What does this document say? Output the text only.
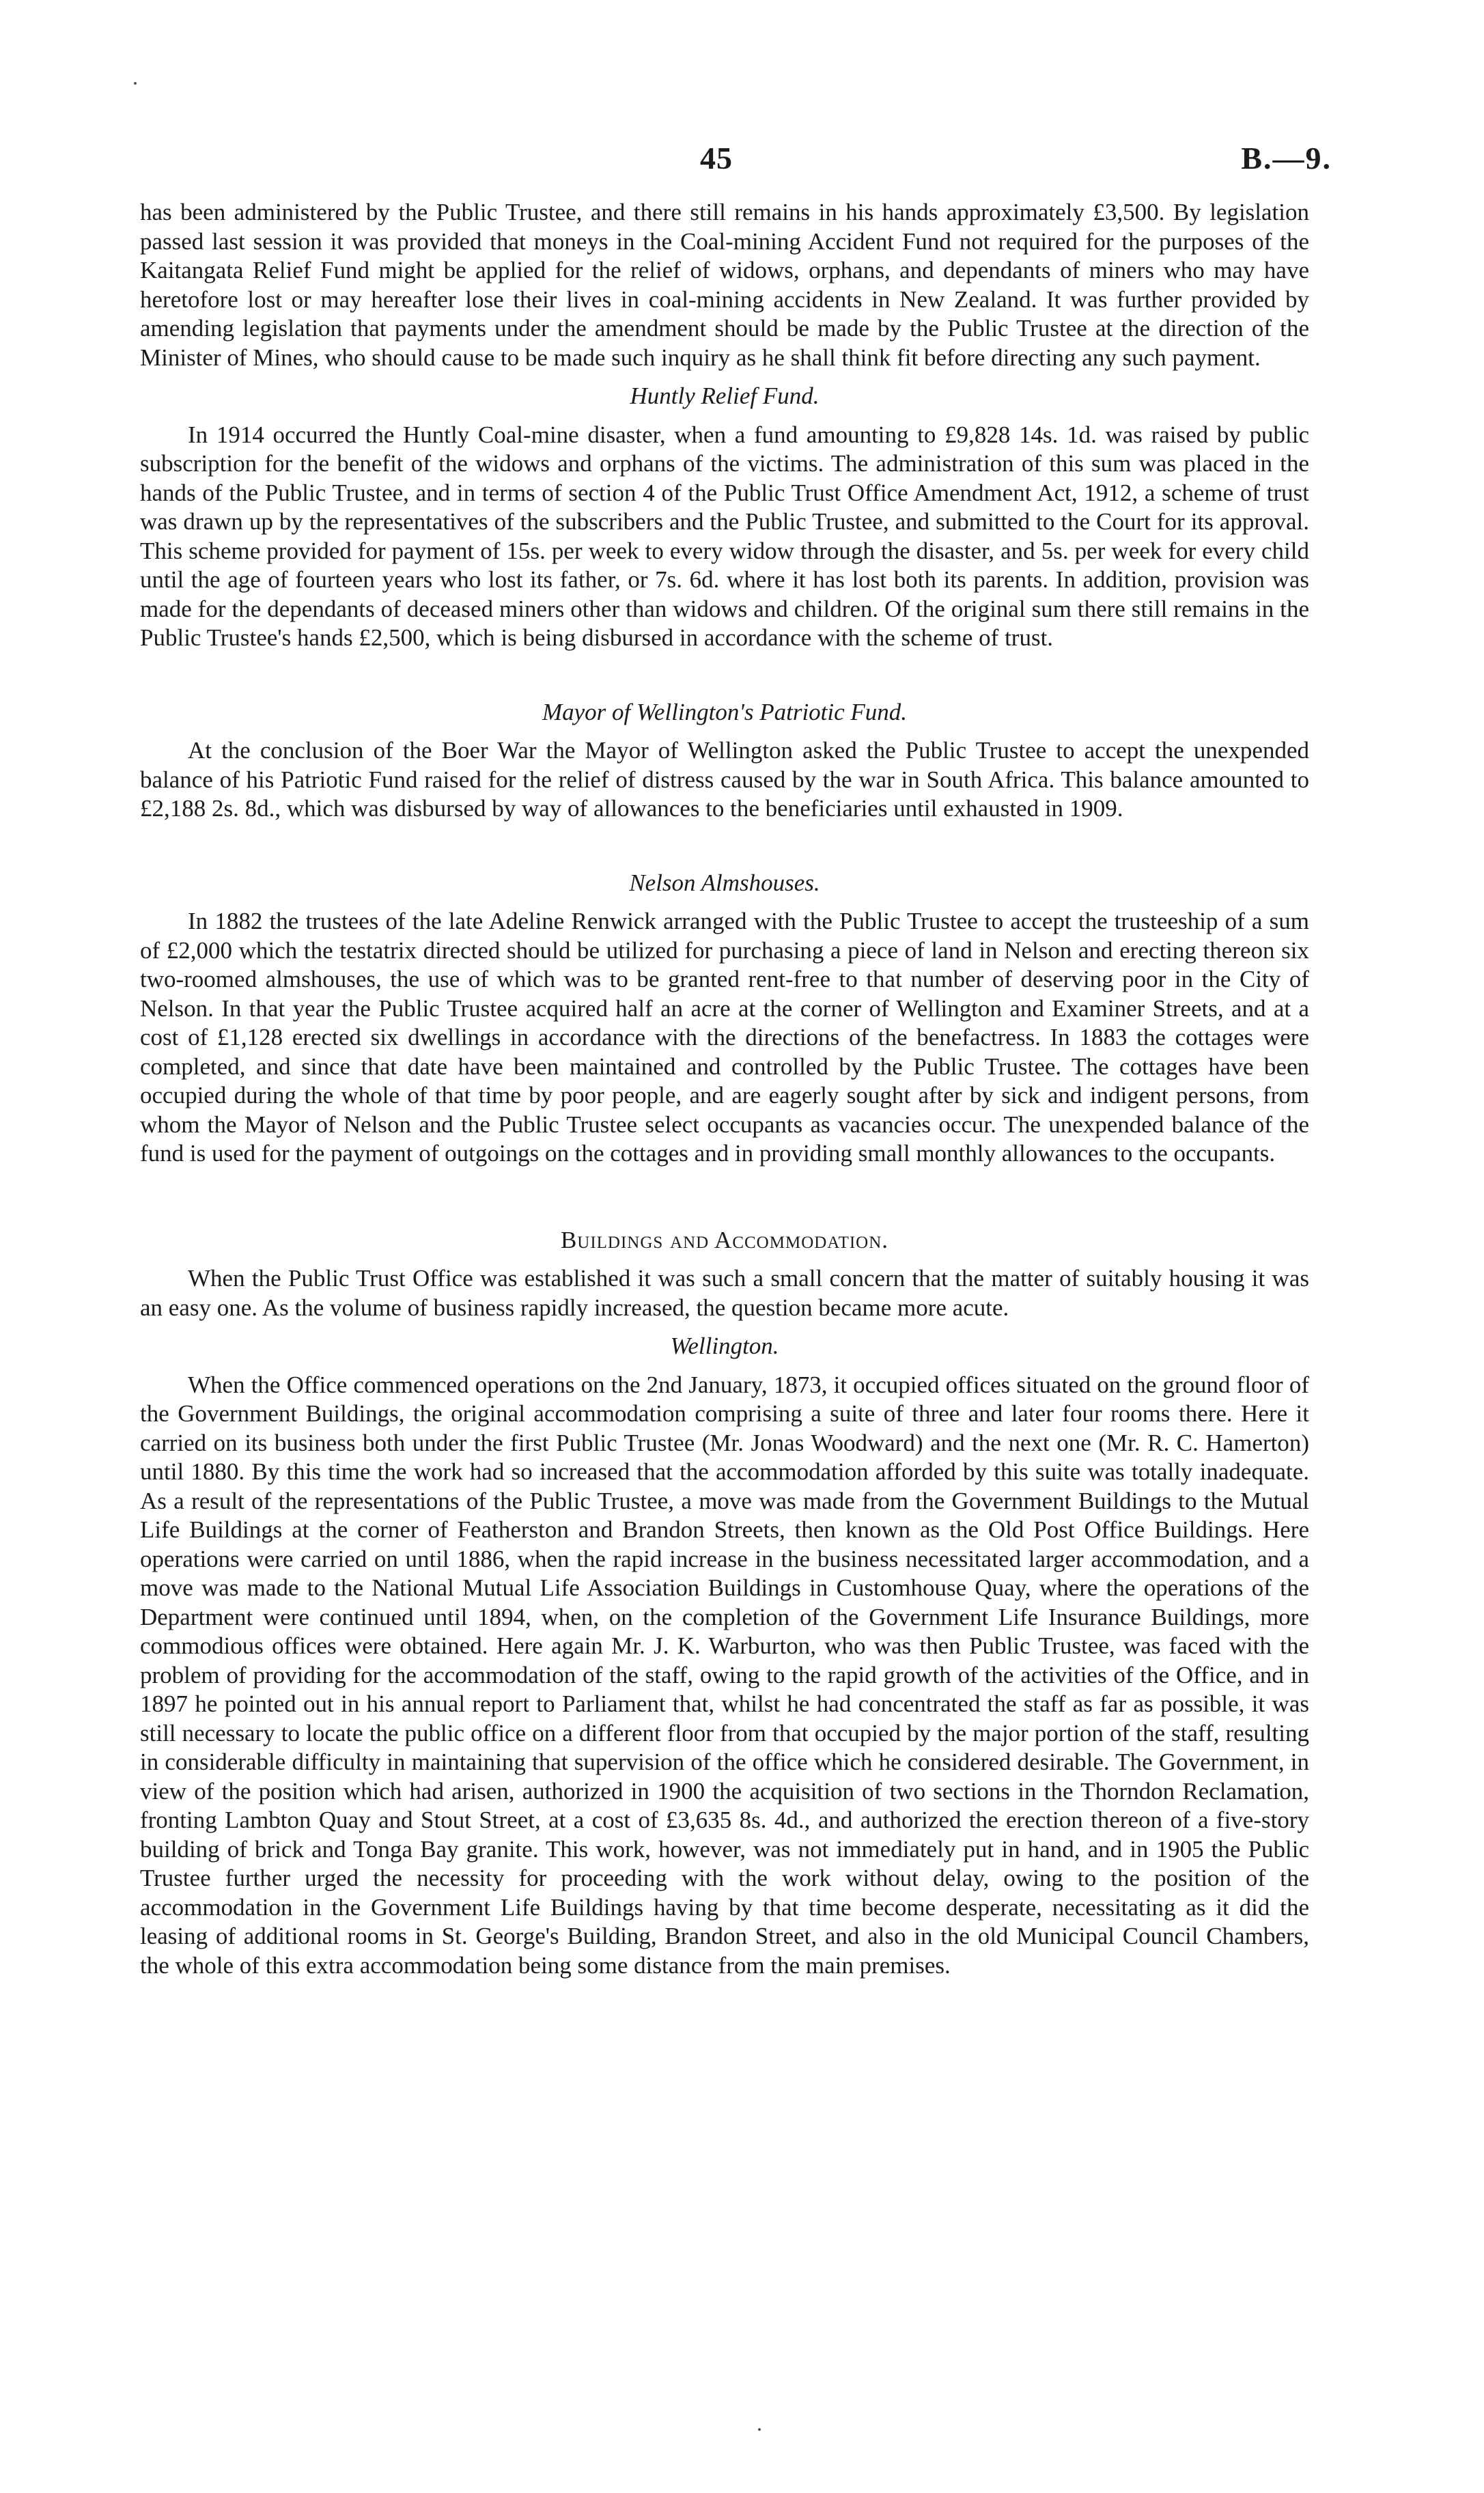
45	B.—9.

has been administered by the Public Trustee, and there still remains in his hands approximately £3,500. By legislation passed last session it was provided that moneys in the Coal-mining Accident Fund not required for the purposes of the Kaitangata Relief Fund might be applied for the relief of widows, orphans, and dependants of miners who may have heretofore lost or may hereafter lose their lives in coal-mining accidents in New Zealand. It was further provided by amending legislation that payments under the amendment should be made by the Public Trustee at the direction of the Minister of Mines, who should cause to be made such inquiry as he shall think fit before directing any such payment.

Huntly Relief Fund.

In 1914 occurred the Huntly Coal-mine disaster, when a fund amounting to £9,828 14s. 1d. was raised by public subscription for the benefit of the widows and orphans of the victims. The administration of this sum was placed in the hands of the Public Trustee, and in terms of section 4 of the Public Trust Office Amendment Act, 1912, a scheme of trust was drawn up by the representatives of the subscribers and the Public Trustee, and submitted to the Court for its approval. This scheme provided for payment of 15s. per week to every widow through the disaster, and 5s. per week for every child until the age of fourteen years who lost its father, or 7s. 6d. where it has lost both its parents. In addition, provision was made for the dependants of deceased miners other than widows and children. Of the original sum there still remains in the Public Trustee's hands £2,500, which is being disbursed in accordance with the scheme of trust.

Mayor of Wellington's Patriotic Fund.

At the conclusion of the Boer War the Mayor of Wellington asked the Public Trustee to accept the unexpended balance of his Patriotic Fund raised for the relief of distress caused by the war in South Africa. This balance amounted to £2,188 2s. 8d., which was disbursed by way of allowances to the beneficiaries until exhausted in 1909.

Nelson Almshouses.

In 1882 the trustees of the late Adeline Renwick arranged with the Public Trustee to accept the trusteeship of a sum of £2,000 which the testatrix directed should be utilized for purchasing a piece of land in Nelson and erecting thereon six two-roomed almshouses, the use of which was to be granted rent-free to that number of deserving poor in the City of Nelson. In that year the Public Trustee acquired half an acre at the corner of Wellington and Examiner Streets, and at a cost of £1,128 erected six dwellings in accordance with the directions of the benefactress. In 1883 the cottages were completed, and since that date have been maintained and controlled by the Public Trustee. The cottages have been occupied during the whole of that time by poor people, and are eagerly sought after by sick and indigent persons, from whom the Mayor of Nelson and the Public Trustee select occupants as vacancies occur. The unexpended balance of the fund is used for the payment of outgoings on the cottages and in providing small monthly allowances to the occupants.

Buildings and Accommodation.

When the Public Trust Office was established it was such a small concern that the matter of suitably housing it was an easy one. As the volume of business rapidly increased, the question became more acute.

Wellington.

When the Office commenced operations on the 2nd January, 1873, it occupied offices situated on the ground floor of the Government Buildings, the original accommodation comprising a suite of three and later four rooms there. Here it carried on its business both under the first Public Trustee (Mr. Jonas Woodward) and the next one (Mr. R. C. Hamerton) until 1880. By this time the work had so increased that the accommodation afforded by this suite was totally inadequate. As a result of the representations of the Public Trustee, a move was made from the Government Buildings to the Mutual Life Buildings at the corner of Featherston and Brandon Streets, then known as the Old Post Office Buildings. Here operations were carried on until 1886, when the rapid increase in the business necessitated larger accommodation, and a move was made to the National Mutual Life Association Buildings in Customhouse Quay, where the operations of the Department were continued until 1894, when, on the completion of the Government Life Insurance Buildings, more commodious offices were obtained. Here again Mr. J. K. Warburton, who was then Public Trustee, was faced with the problem of providing for the accommodation of the staff, owing to the rapid growth of the activities of the Office, and in 1897 he pointed out in his annual report to Parliament that, whilst he had concentrated the staff as far as possible, it was still necessary to locate the public office on a different floor from that occupied by the major portion of the staff, resulting in considerable difficulty in maintaining that supervision of the office which he considered desirable. The Government, in view of the position which had arisen, authorized in 1900 the acquisition of two sections in the Thorndon Reclamation, fronting Lambton Quay and Stout Street, at a cost of £3,635 8s. 4d., and authorized the erection thereon of a five-story building of brick and Tonga Bay granite. This work, however, was not immediately put in hand, and in 1905 the Public Trustee further urged the necessity for proceeding with the work without delay, owing to the position of the accommodation in the Government Life Buildings having by that time become desperate, necessitating as it did the leasing of additional rooms in St. George's Building, Brandon Street, and also in the old Municipal Council Chambers, the whole of this extra accommodation being some distance from the main premises.
